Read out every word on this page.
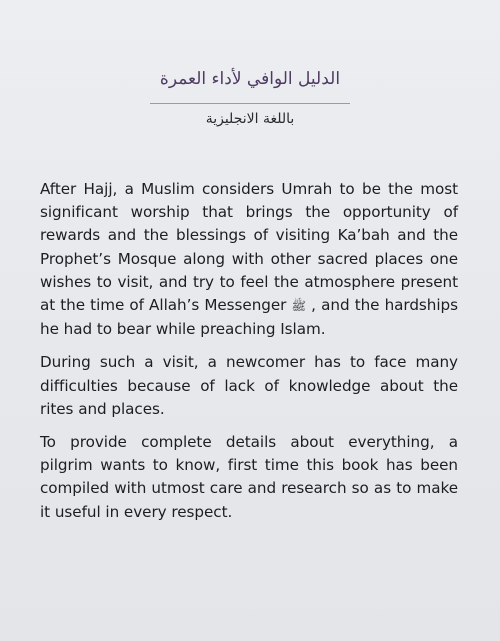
الدليل الوافي لأداء العمرة
باللغة الانجليزية

After Hajj, a Muslim considers Umrah to be the most significant worship that brings the opportunity of rewards and the blessings of visiting Ka’bah and the Prophet’s Mosque along with other sacred places one wishes to visit, and try to feel the atmosphere present at the time of Allah’s Messenger ﷺ , and the hardships he had to bear while preaching Islam.

During such a visit, a newcomer has to face many difficulties because of lack of knowledge about the rites and places.

To provide complete details about everything, a pilgrim wants to know, first time this book has been compiled with utmost care and research so as to make it useful in every respect.
